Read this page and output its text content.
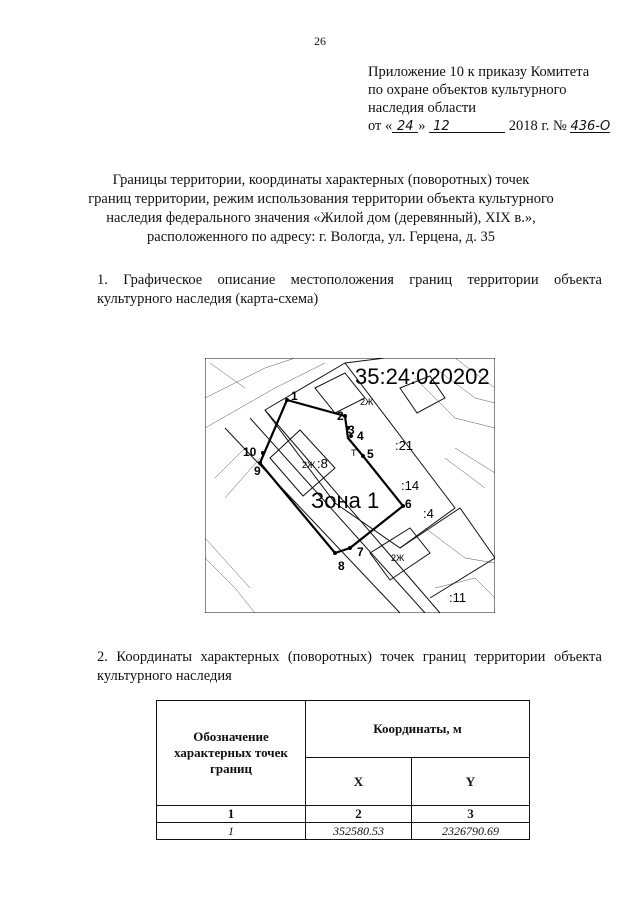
26
Приложение 10 к приказу Комитета
по охране объектов культурного
наследия области
от « 24 » 12	2018 г. № 436-О
Границы территории, координаты характерных (поворотных) точек
границ территории, режим использования территории объекта культурного
наследия федерального значения «Жилой дом (деревянный), XIX в.»,
расположенного по адресу: г. Вологда, ул. Герцена, д. 35
1. Графическое описание местоположения границ территории объекта культурного наследия (карта-схема)
35:24:020202
Зона 1
1
2
3 4
5
6
7
8
9
10	:21
:8
:14
:4
:11
2Ж
2Ж
2Ж
Т
2. Координаты характерных (поворотных) точек границ территории объекта культурного наследия
Обозначение характерных точек границ	Координаты, м	
	X	Y
1	2	3
1	352580.53	2326790.69
